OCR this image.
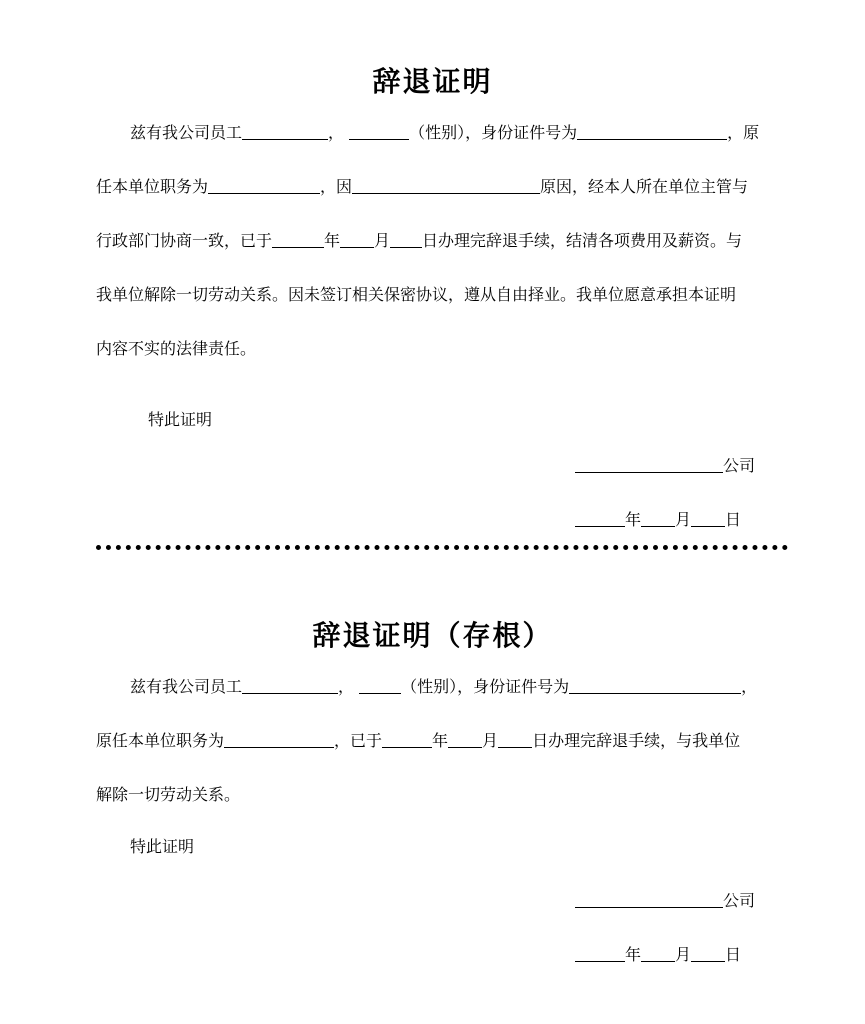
辞退证明
兹有我公司员工	，	（性别），身份证件号为	，原
任本单位职务为	，因	原因，经本人所在单位主管与
行政部门协商一致，已于	年 月 日办理完辞退手续，结清各项费用及薪资。与
我单位解除一切劳动关系。因未签订相关保密协议，遵从自由择业。我单位愿意承担本证明
内容不实的法律责任。
特此证明
公司
年 月 日
辞退证明（存根）
兹有我公司员工	，	（性别），身份证件号为	，
原任本单位职务为	，已于	年 月 日办理完辞退手续，与我单位
解除一切劳动关系。
特此证明
公司
年 月 日
